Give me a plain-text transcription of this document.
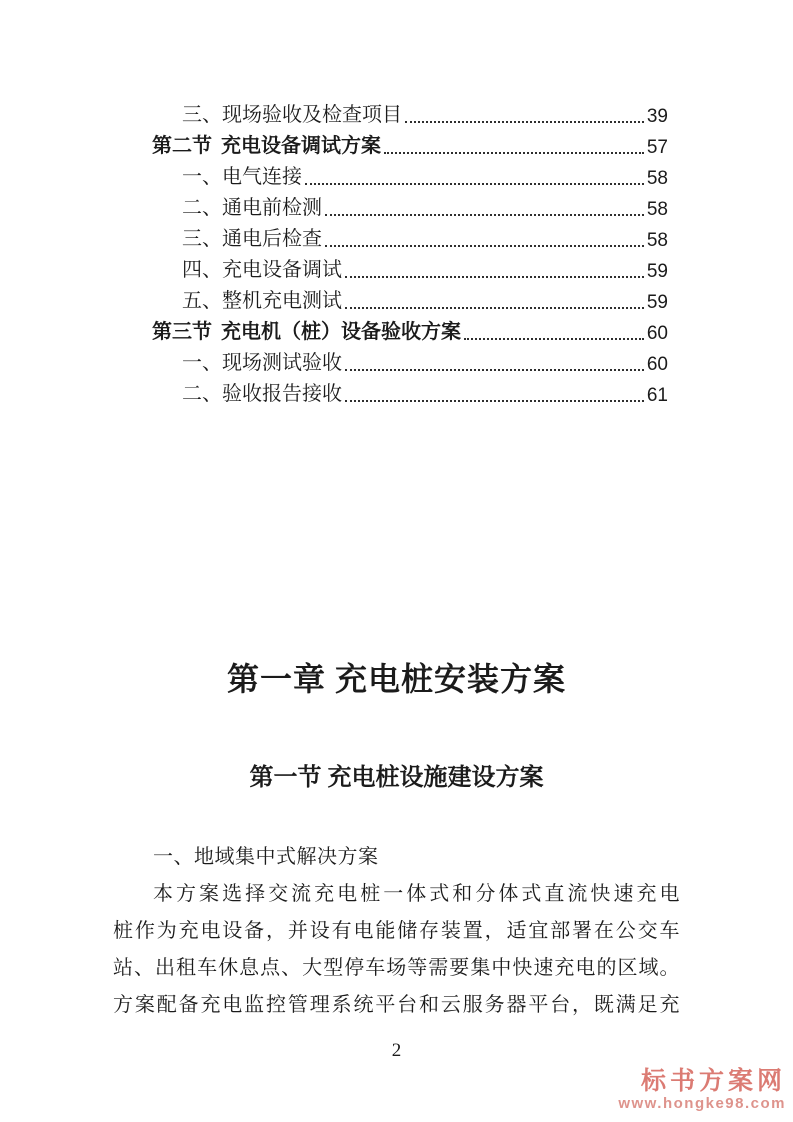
三、 现场验收及检查项目	39
第二节 充电设备调试方案	57
一、 电气连接	58
二、 通电前检测	58
三、 通电后检查	58
四、 充电设备调试	59
五、 整机充电测试	59
第三节 充电机（桩）设备验收方案	60
一、 现场测试验收	60
二、 验收报告接收	61
第一章 充电桩安装方案
第一节 充电桩设施建设方案
一、地域集中式解决方案
本方案选择交流充电桩一体式和分体式直流快速充电
桩作为充电设备，并设有电能储存装置，适宜部署在公交车
站、出租车休息点、大型停车场等需要集中快速充电的区域。
方案配备充电监控管理系统平台和云服务器平台，既满足充
2
标书方案网
www.hongke98.com
